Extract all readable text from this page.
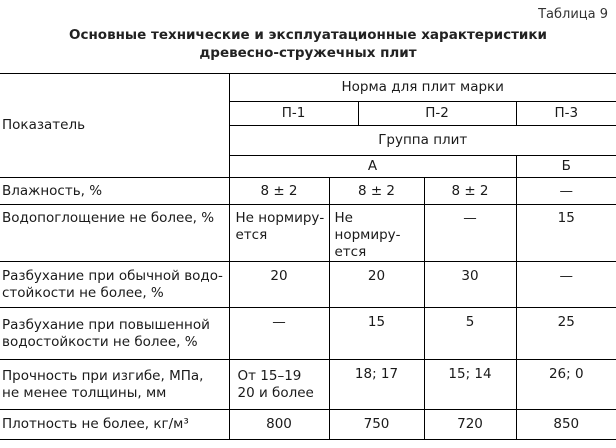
Таблица 9
Основные технические и эксплуатационные характеристики
древесно-стружечных плит
Показатель	Норма для плит марки				
	П-1		П-2		П-3
	Группа плит				
	А				Б
Влажность, %	8 ± 2	8 ± 2		8 ± 2	—
Водопоглощение не более, %	Не нормиру-ется	Не нормиру-ется		—	15
Разбухание при обычной водо-стойкости не более, %	20	20		30	—
Разбухание при повышенной водостойкости не более, %	—	15		5	25
Прочность при изгибе, МПа, не менее толщины, мм	От 15–19 20 и более	18; 17		15; 14	26; 0
Плотность не более, кг/м³	800	750		720	850
